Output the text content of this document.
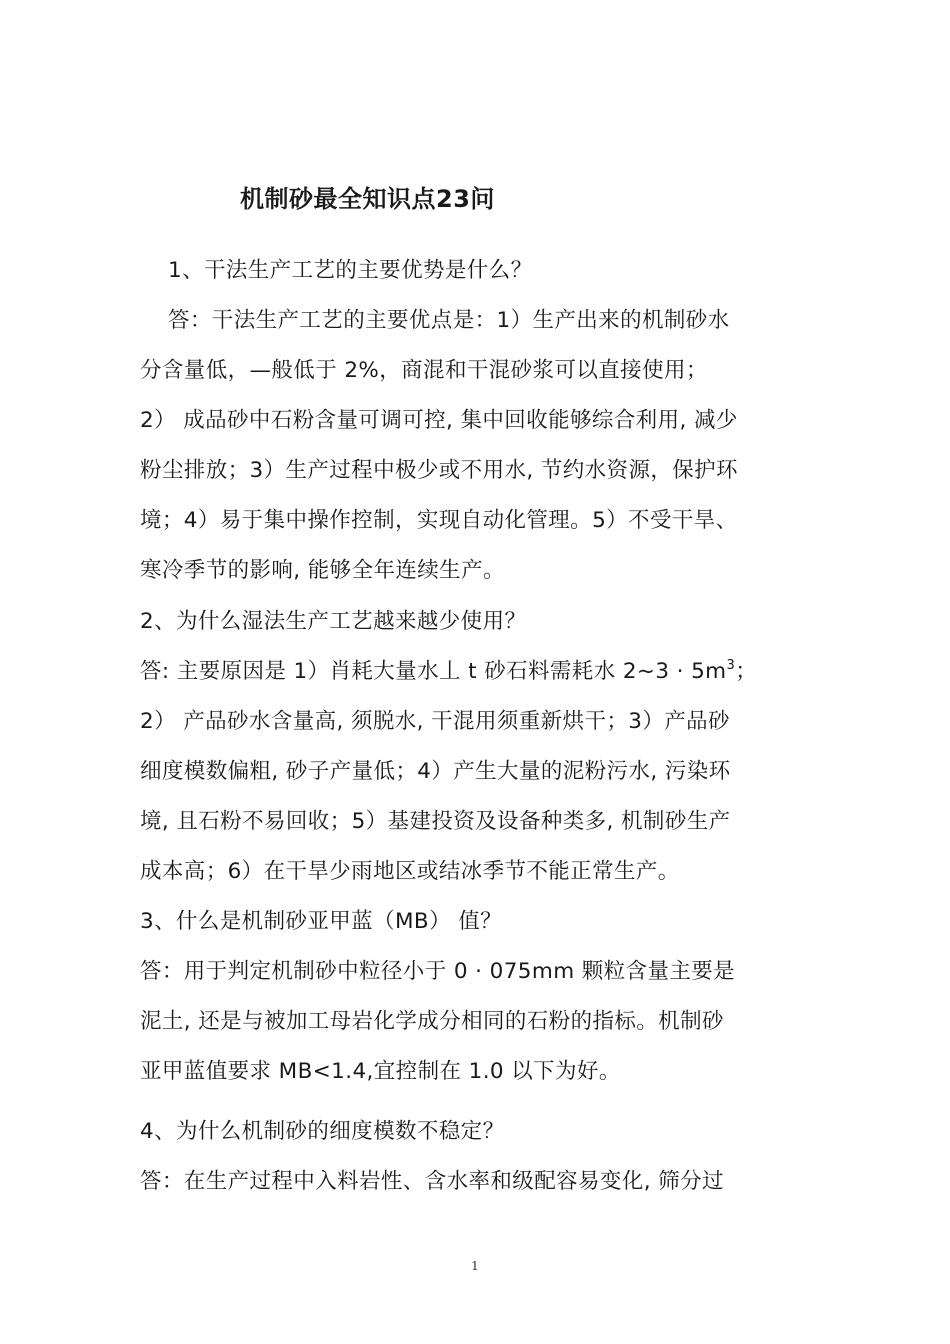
机制砂最全知识点23问
1、干法生产工艺的主要优势是什么？
答：干法生产工艺的主要优点是：1）生产出来的机制砂水
分含量低，—般低于 2%，商混和干混砂浆可以直接使用；
2） 成品砂中石粉含量可调可控, 集中回收能够综合利用, 减少
粉尘排放；3）生产过程中极少或不用水, 节约水资源，保护环
境；4）易于集中操作控制，实现自动化管理。5）不受干旱、
寒冷季节的影响, 能够全年连续生产。
2、为什么湿法生产工艺越来越少使用？
答: 主要原因是 1）肖耗大量水丄 t 砂石料需耗水 2~3 · $5m^3$；
2） 产品砂水含量高, 须脱水, 干混用须重新烘干；3）产品砂
细度模数偏粗, 砂子产量低；4）产生大量的泥粉污水, 污染环
境, 且石粉不易回收；5）基建投资及设备种类多, 机制砂生产
成本高；6）在干旱少雨地区或结冰季节不能正常生产。
3、什么是机制砂亚甲蓝（MB） 值？
答：用于判定机制砂中粒径小于 0 · 075mm 颗粒含量主要是
泥土, 还是与被加工母岩化学成分相同的石粉的指标。机制砂
亚甲蓝值要求 MB<1.4,宜控制在 1.0 以下为好。
4、为什么机制砂的细度模数不稳定？
答：在生产过程中入料岩性、含水率和级配容易变化, 筛分过
1
